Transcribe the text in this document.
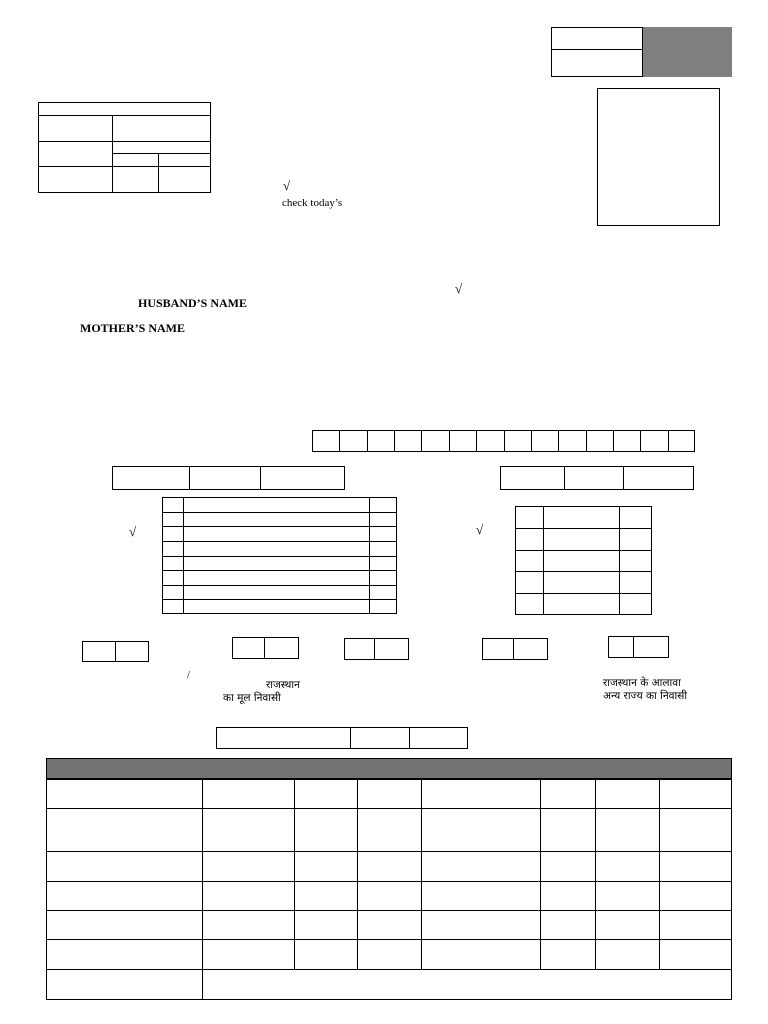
√
check today’s
√
HUSBAND’S NAME
MOTHER’S NAME
√	√
/
राजस्थान
का मूल निवासी
राजस्थान के आलावा
अन्य राज्य का निवासी
